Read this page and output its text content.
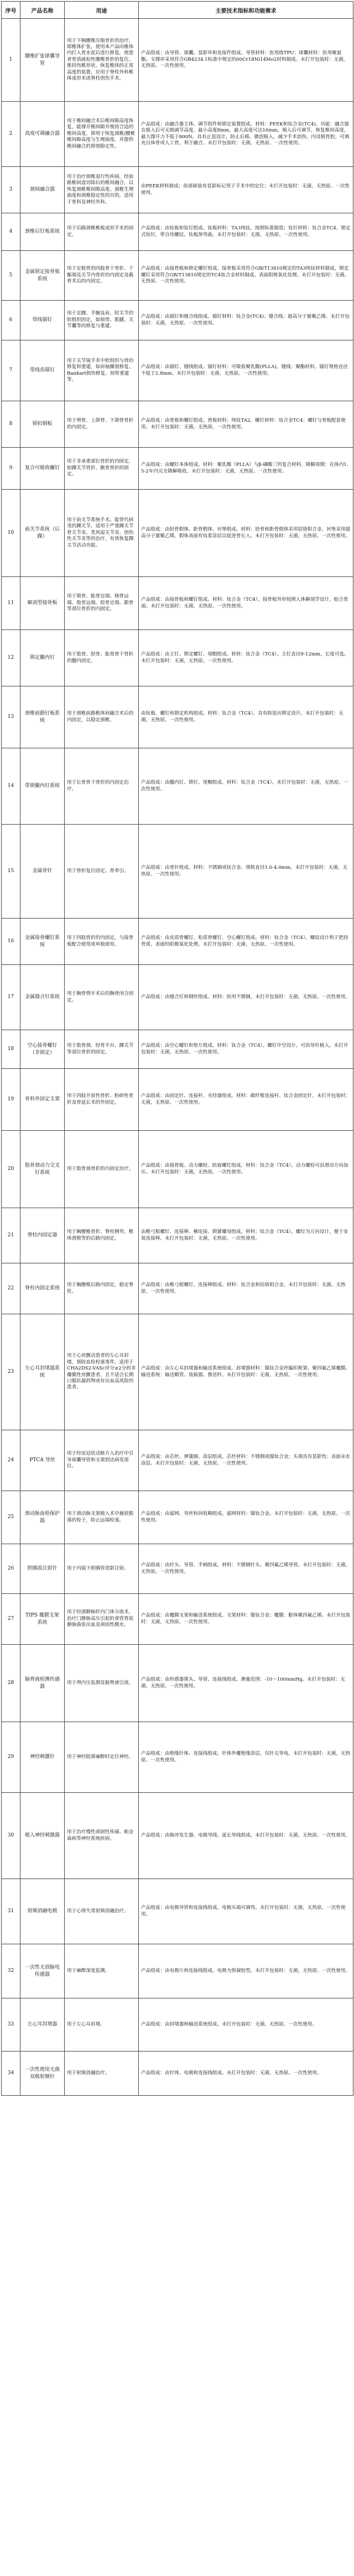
序号	产品名称	用途	主要技术指标和功能需求
1	腰椎扩张球囊导管	用于下胸腰椎压缩骨折的治疗，即椎体扩张，使用本产品向椎体内打入骨水泥后进行修复，使患者骨质疏松性腰椎骨折的复位、维持伤椎形状，恢复椎体的正常高度的装置，应用于脊柱外科椎体成形术或脊柱创伤手术。	产品组成：由导管、球囊、显影环和连接件组成。导管材料：医用级TPU；球囊材料：医用聚氨酯。支撑环采用符合GB4234.1标准中规定的00Cr18Ni14Mo2材料制成。未打开包装时：无菌，无热原。一次性使用。
2	高度可调融合器	用于椎间融合术后椎间隙高度恢复，能撑开椎间隙并维持合适的椎间高度，即用于恢复颈椎/腰椎椎间隙高度与生理曲度，并提供椎间融合的即刻稳定性。	产品组成：由融合器主体、调节组件和锁定装置组成。材料：PEEK和钛合金(TC4)。功能：融合器在植入后可无级调节高度，最小高度8mm，最大高度可达16mm，植入后可调节，恢复椎间高度，最大撑开力不低于800N。具有止退设计，防止后移。微创植入，减少手术创伤。内设植骨腔，可填充自体骨或人工骨，利于融合。未打开包装时：无菌，无热原。一次性使用。
3	颈间融合器	用于治疗颈椎退行性疾病，经前路椎间盘切除后的椎间融合，以恢复颈椎椎间隙高度、颈椎生理曲度和颈椎稳定性的目的，适用于骨科及神经外科。	由PEEK材料制成；前部嵌装有显影标记用于手术中的定位；未打开包装时：无菌，无热原。一次性使用。
4	颈椎后钉板系统	用于后路颈椎椎板成形手术的固定。	产品组成：由钛板和钛钉组成。钛板材料：TA3纯钛，按照标准制造；钛钉材料：钛合金TC4。锁定式钛钉，带自攻螺纹，钛板预弯曲。未打开包装时：无菌，无热原。一次性使用。
5	金属锁定接骨板系统	用于定植骨的四肢骨干骨折、干骺端及关节内骨折的内固定及截骨术后的内固定。	产品组成：由接骨板和锁定螺钉组成。接骨板采用符合GB/T13810规定的TA3纯钛材料制成，锁定螺钉采用符合GB/T13810规定的TC4钛合金材料制成。表面阳极氧化处理。未打开包装时：无菌，无热原。一次性使用。
6	带线锚钉	用于足踝、手腕及肩、肘关节的软组织固定，如韧带、肌腱、关节囊等的修复与重建。	产品组成：由锚钉和缝合线组成。锚钉材料：钛合金(TC4)；缝合线：超高分子量聚乙烯。未打开包装时：无菌，无热原。一次性使用。
7	带线齿锚钉	用于关节镜手术中软组织与骨的修复和重建，如肩袖撕裂修复、Bankart损伤修复、韧带重建等。	产品组成：由锚钉、缝线组成。锚钉材料：可吸收聚乳酸(PLLA)，缝线：聚酯材料。锚钉规格直径不低于2.8mm。未打开包装时：无菌，无热原。一次性使用。
8	锁扣钢板	用于颅骨、上颌骨、下颌骨骨折的内固定。	产品组成：由骨板和螺钉组成。骨板材料：纯钛TA2，螺钉材料：钛合金TC4；螺钉与骨板配套使用。未打开包装时：无菌，无热原。一次性使用。
9	复合可吸收螺钉	用于非承重部位骨折的内固定，如踝关节骨折、髌骨骨折的固定。	产品组成：由螺钉本体组成。材料：聚乳酸（PLLA）与β-磷酸三钙复合材料。降解周期：在体内1.5-2年内完全降解吸收。未打开包装时：无菌，无热原。一次性使用。
10	前关节系统（后踝）	用于前关节系统手术。能替代病变的踝关节，适用于严重踝关节骨关节炎、类风湿关节炎、创伤性关节炎等的治疗，有效恢复踝关节活动功能。	产品组成：由胫骨假体、距骨假体、衬垫组成。材料：胫骨和距骨假体采用钴铬钼合金，衬垫采用超高分子量聚乙烯。假体表面有钛浆涂层以促进骨长入。未打开包装时：无菌，无热原。一次性使用。
11	解剖型接骨板	用于锁骨、肱骨近端、桡骨远端、股骨远端、胫骨近端、跟骨等部位骨折的内固定。	产品组成：由接骨板和螺钉组成。材料：钛合金（TC4）。接骨板外形按照人体解剖学设计，贴合骨面。未打开包装时：无菌，无热原。一次性使用。
12	锁定髓内钉	用于股骨、胫骨、肱骨骨干骨折的髓内固定。	产品组成：由主钉、锁定螺钉、尾帽组成。材料：钛合金（TC4）。主钉直径9-12mm，长度可选。未打开包装时：无菌，无热原。一次性使用。
13	颈椎前路钉板系统	用于颈椎前路椎体间融合术后的内固定，以稳定颈椎。	由钛板、螺钉和锁定机构组成。材料：钛合金（TC4）。具有防退出锁定设计。未打开包装时：无菌，无热原。一次性使用。
14	带锁髓内钉系统	用于长骨骨干骨折的内固定治疗。	产品组成：由髓内钉、锁钉、尾帽组成。材料：钛合金（TC4）。未打开包装时：无菌，无热原。一次性使用。
15	金属骨针	用于骨折复位固定、骨牵引。	产品组成：由骨针组成。材料：不锈钢或钛合金。规格直径1.0-4.0mm。未打开包装时：无菌，无热原。一次性使用。
16	金属接骨螺钉系统	用于四肢骨折的内固定，与接骨板配合使用或单独使用。	产品组成：由皮质骨螺钉、松质骨螺钉、空心螺钉组成。材料：钛合金（TC4）。螺纹设计利于把持骨质。表面经阳极氧化处理。未打开包装时：无菌，无热原。一次性使用。
17	金属缝合钉系统	用于胸骨劈开术后的胸骨闭合固定。	产品组成：由缝合钉和钢丝组成。材料：医用不锈钢。未打开包装时：无菌，无热原。一次性使用。
18	空心接骨螺钉（非锁定）	用于股骨颈、胫骨平台、踝关节等部位骨折的固定。	产品组成：由空心螺钉和垫片组成。材料：钛合金（TC4）。螺钉中空设计，可沿导针植入。未打开包装时：无菌，无热原。一次性使用。
19	骨科外固定支架	用于四肢开放性骨折、粉碎性骨折及骨延长术的外固定。	产品组成：由固定针、连接杆、夹持器组成。材料：碳纤维连接杆、钛合金固定针。未打开包装时：无菌，无热原。一次性使用。
20	股骨颈动力交叉钉系统	用于股骨颈骨折的内固定治疗。	产品组成：由接骨板、动力螺栓、防旋螺钉组成。材料：钛合金（TC4）。动力螺栓可沿滑动方向加压。未打开包装时：无菌，无热原。一次性使用。
21	脊柱内固定器	用于胸腰椎骨折、脊柱侧弯、椎体滑脱等的后路内固定。	由椎弓根螺钉、连接棒、横连接、锁紧螺母组成。材料：钛合金（TC4）。螺钉为万向设计，便于安装连接棒。未打开包装时：无菌，无热原。一次性使用。
22	脊柱内固定系统	用于胸腰椎后路内固定，稳定脊柱。	产品组成：由椎弓根螺钉、连接棒组成。材料：钛合金和钴铬钼合金。未打开包装时：无菌，无热原。一次性使用。
23	左心耳封堵器系统	用于心房颤动患者的左心耳封堵，预防血栓栓塞事件。适用于CHA2DS2-VASc评分≥2分的非瓣膜性房颤患者，且不适合长期口服抗凝药物或有出血高风险的患者。	产品组成：由左心耳封堵器和输送系统组成。封堵器材料：镍钛合金丝编织框架、聚四氟乙烯覆膜。输送系统：输送鞘管、装载器、推送杆。未打开包装时：无菌，无热原。一次性使用。
24	PTCA 导丝	用于经皮冠状动脉介入治疗中引导球囊导管和支架到达病变部位。	产品组成：由芯丝、弹簧圈、涂层组成。芯丝材料：不锈钢或镍钛合金；头端具有显影性；表面亲水涂层。未打开包装时：无菌，无热原。一次性使用。
25	颈动脉血栓保护器	用于颈动脉支架植入术中捕获脱落的栓子，防止远端栓塞。	产品组成：由滤网、导丝和回收鞘组成。滤网材料：镍钛合金。未打开包装时：无菌，无热原。一次性使用。
26	胆胰流注射针	用于内镜下胆胰管造影注射。	产品组成：由针头、导管、手柄组成。材料：不锈钢针头、聚四氟乙烯导管。未打开包装时：无菌，无热原。一次性使用。
27	TIPS 覆膜支架系统	用于经颈静脉肝内门体分流术，治疗门静脉高压引起的食管胃底静脉曲张出血及顽固性腹水。	产品组成：由覆膜支架和输送系统组成。支架材料：镍钛合金；覆膜：膨体聚四氟乙烯。未打开包装时：无菌，无热原。一次性使用。
28	脑脊液检测传感器	用于颅内压监测及脑脊液引流。	产品组成：由传感器探头、导管、连接线组成。测量范围：-10～100mmHg。未打开包装时：无菌，无热原。一次性使用。
29	神经刺激针	用于神经阻滞麻醉时定位神经。	产品组成：由绝缘针体、连接线组成。针体外覆绝缘涂层，仅针尖导电。未打开包装时：无菌，无热原。一次性使用。
30	植入神经刺激器	用于治疗慢性顽固性疼痛、帕金森病等神经系统疾病。	产品组成：由脉冲发生器、电极导线、延长导线组成。未打开包装时：无菌，无热原。一次性使用。
31	射频消融电极	用于心律失常射频消融治疗。	产品组成：由电极导管和连接线组成。电极头端可调弯。未打开包装时：无菌，无热原。一次性使用。
32	一次性无创脑电传感器	用于麻醉深度监测。	产品组成：由电极片和连接线组成。电极为预凝胶型。未打开包装时：无菌，无热原。一次性使用。
33	左心耳封堵器	用于左心耳封堵。	产品组成：由封堵器和输送系统组成。未打开包装时：无菌，无热原。一次性使用。
34	一次性使用无菌双极射频针	用于射频消融治疗。	产品组成：由针体、电极和连接线组成。未打开包装时：无菌，无热原。一次性使用。
